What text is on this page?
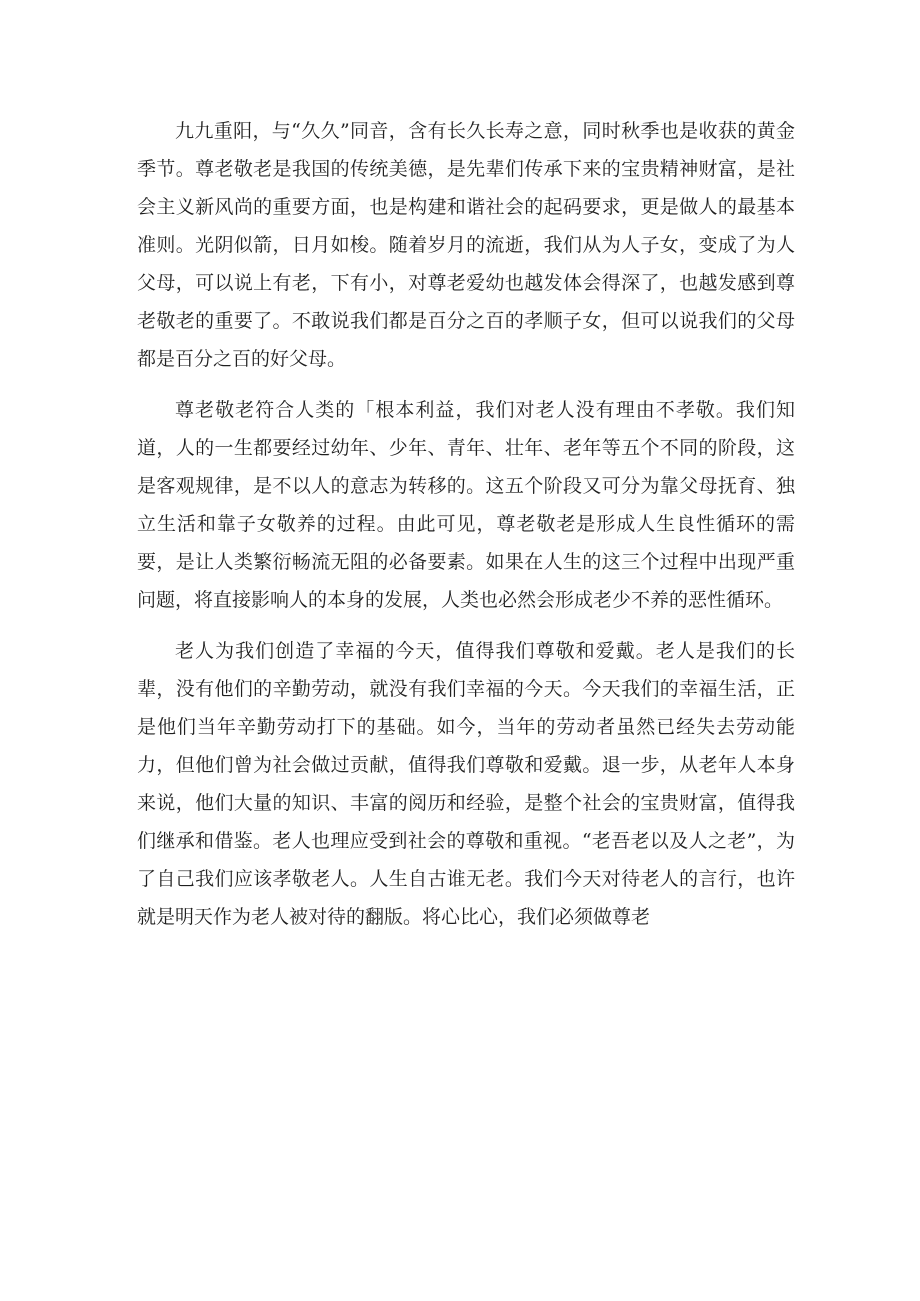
九九重阳，与“久久”同音，含有长久长寿之意，同时秋季也是收获的黄金季节。尊老敬老是我国的传统美德，是先辈们传承下来的宝贵精神财富，是社会主义新风尚的重要方面，也是构建和谐社会的起码要求，更是做人的最基本准则。光阴似箭，日月如梭。随着岁月的流逝，我们从为人子女，变成了为人父母，可以说上有老，下有小，对尊老爱幼也越发体会得深了，也越发感到尊老敬老的重要了。不敢说我们都是百分之百的孝顺子女，但可以说我们的父母都是百分之百的好父母。

尊老敬老符合人类的「根本利益，我们对老人没有理由不孝敬。我们知道，人的一生都要经过幼年、少年、青年、壮年、老年等五个不同的阶段，这是客观规律，是不以人的意志为转移的。这五个阶段又可分为靠父母抚育、独立生活和靠子女敬养的过程。由此可见，尊老敬老是形成人生良性循环的需要，是让人类繁衍畅流无阻的必备要素。如果在人生的这三个过程中出现严重问题，将直接影响人的本身的发展，人类也必然会形成老少不养的恶性循环。

老人为我们创造了幸福的今天，值得我们尊敬和爱戴。老人是我们的长辈，没有他们的辛勤劳动，就没有我们幸福的今天。今天我们的幸福生活，正是他们当年辛勤劳动打下的基础。如今，当年的劳动者虽然已经失去劳动能力，但他们曾为社会做过贡献，值得我们尊敬和爱戴。退一步，从老年人本身来说，他们大量的知识、丰富的阅历和经验，是整个社会的宝贵财富，值得我们继承和借鉴。老人也理应受到社会的尊敬和重视。“老吾老以及人之老”，为了自己我们应该孝敬老人。人生自古谁无老。我们今天对待老人的言行，也许就是明天作为老人被对待的翻版。将心比心，我们必须做尊老
